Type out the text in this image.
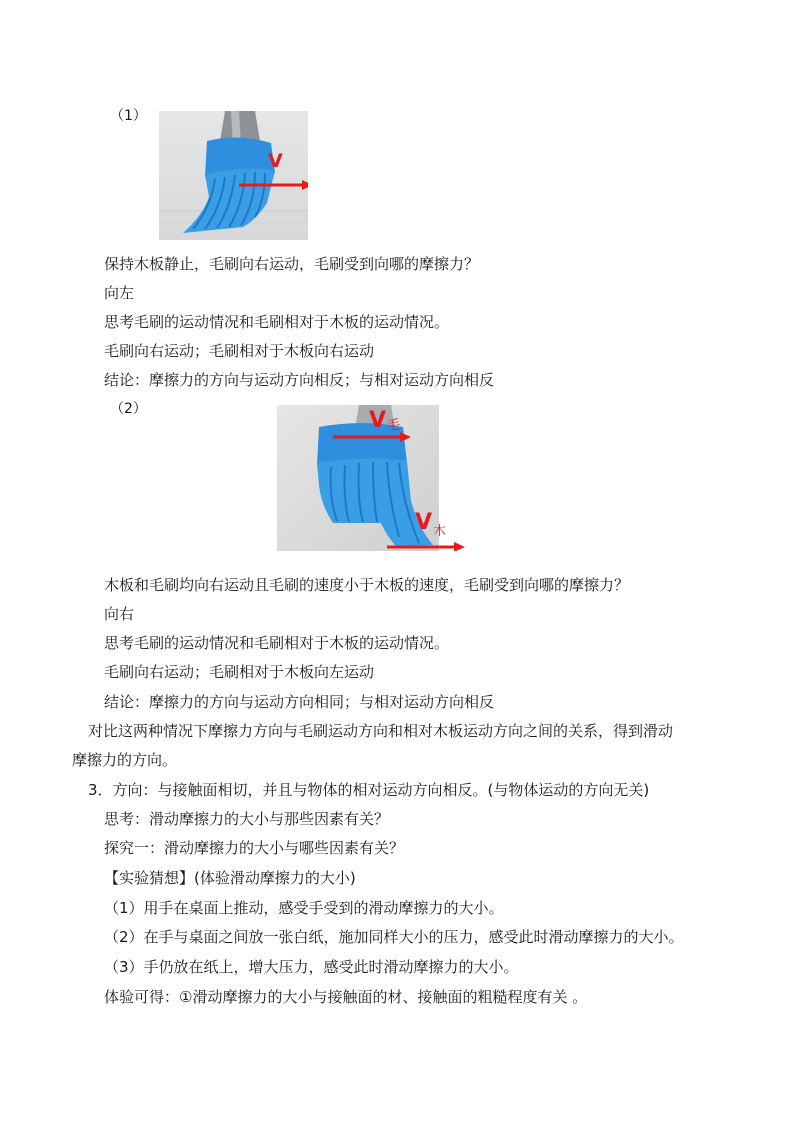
（1）
V
保持木板静止，毛刷向右运动，毛刷受到向哪的摩擦力？
向左
思考毛刷的运动情况和毛刷相对于木板的运动情况。
毛刷向右运动；毛刷相对于木板向右运动
结论：摩擦力的方向与运动方向相反；与相对运动方向相反
（2）	V 毛
V 木
木板和毛刷均向右运动且毛刷的速度小于木板的速度，毛刷受到向哪的摩擦力？
向右
思考毛刷的运动情况和毛刷相对于木板的运动情况。
毛刷向右运动；毛刷相对于木板向左运动
结论：摩擦力的方向与运动方向相同；与相对运动方向相反
对比这两种情况下摩擦力方向与毛刷运动方向和相对木板运动方向之间的关系，得到滑动
摩擦力的方向。
3．方向：与接触面相切，并且与物体的相对运动方向相反。(与物体运动的方向无关)
思考：滑动摩擦力的大小与那些因素有关？
探究一：滑动摩擦力的大小与哪些因素有关？
【实验猜想】(体验滑动摩擦力的大小)
（1）用手在桌面上推动，感受手受到的滑动摩擦力的大小。
（2）在手与桌面之间放一张白纸，施加同样大小的压力，感受此时滑动摩擦力的大小。
（3）手仍放在纸上，增大压力，感受此时滑动摩擦力的大小。
体验可得：①滑动摩擦力的大小与接触面的材、接触面的粗糙程度有关 。
